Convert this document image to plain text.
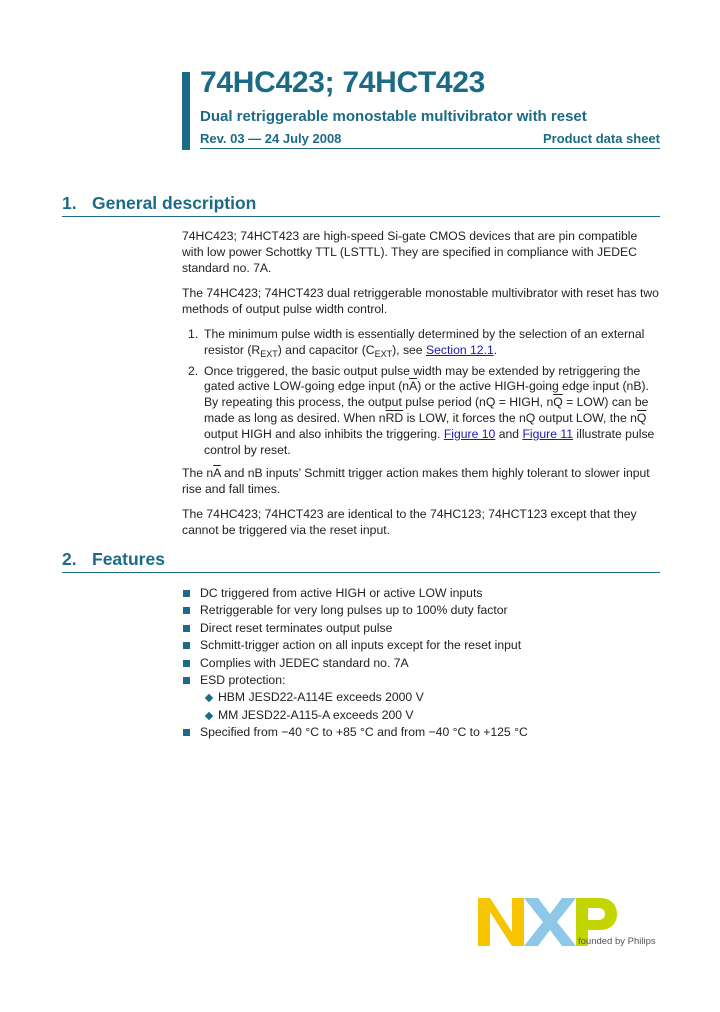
74HC423; 74HCT423
Dual retriggerable monostable multivibrator with reset
Rev. 03 — 24 July 2008	Product data sheet
1. General description

74HC423; 74HCT423 are high-speed Si-gate CMOS devices that are pin compatible with low power Schottky TTL (LSTTL). They are specified in compliance with JEDEC standard no. 7A.

The 74HC423; 74HCT423 dual retriggerable monostable multivibrator with reset has two methods of output pulse width control.

1. The minimum pulse width is essentially determined by the selection of an external resistor $(R_{EXT})$ and capacitor $(C_{EXT})$, see Section 12.1.
2. Once triggered, the basic output pulse width may be extended by retriggering the gated active LOW-going edge input $(n\overline{A})$ or the active HIGH-going edge input (nB). By repeating this process, the output pulse period (nQ = HIGH, $n\overline{Q} = LOW$) can be made as long as desired. When $n\overline{RD}$ is LOW, it forces the nQ output LOW, the $n\overline{Q}$ output HIGH and also inhibits the triggering. Figure 10 and Figure 11 illustrate pulse control by reset.

The $n\overline{A}$ and nB inputs’ Schmitt trigger action makes them highly tolerant to slower input rise and fall times.

The 74HC423; 74HCT423 are identical to the 74HC123; 74HCT123 except that they cannot be triggered via the reset input.

2. Features
DC triggered from active HIGH or active LOW inputs
Retriggerable for very long pulses up to 100% duty factor
Direct reset terminates output pulse
Schmitt-trigger action on all inputs except for the reset input
Complies with JEDEC standard no. 7A
ESD protection:
HBM JESD22-A114E exceeds 2000 V
MM JESD22-A115-A exceeds 200 V
Specified from −40 °C to +85 °C and from −40 °C to +125 °C
founded by Philips
